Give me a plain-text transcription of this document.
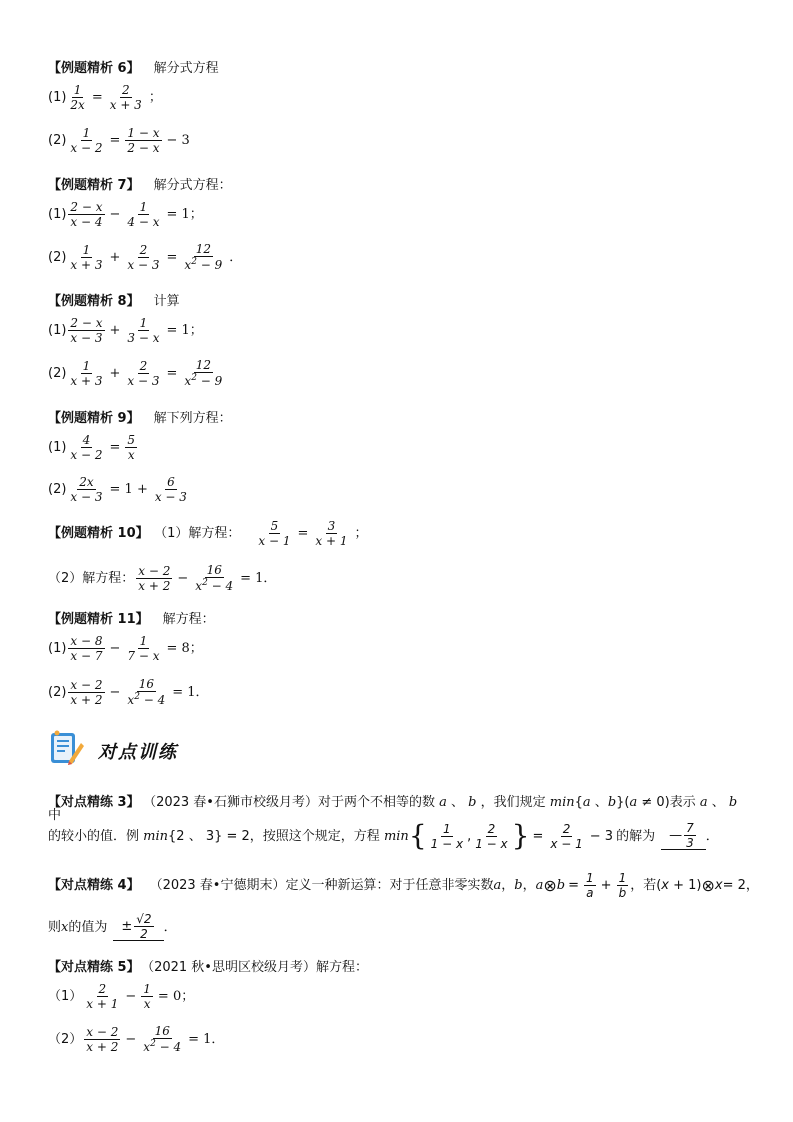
【例题精析 6】 解分式方程
$(1) \frac{1}{2x} = \frac{2}{x + 3}$ ；
$(2) \frac{1}{x - 2} = \frac{1 - x}{2 - x} - 3$
【例题精析 7】 解分式方程：
$(1) \frac{2 - x}{x - 4} - \frac{1}{4 - x} = 1$；
$(2) \frac{1}{x + 3} + \frac{2}{x - 3} = \frac{12}{x^2 - 9}$ ．
【例题精析 8】 计算
$(1) \frac{2 - x}{x - 3} + \frac{1}{3 - x} = 1$；
$(2) \frac{1}{x + 3} + \frac{2}{x - 3} = \frac{12}{x^2 - 9}$
【例题精析 9】 解下列方程：
$(1) \frac{4}{x - 2} = \frac{5}{x}$
$(2) \frac{2x}{x - 3} = 1 + \frac{6}{x - 3}$
【例题精析 10】 （1）解方程： $\frac{5}{x - 1} = \frac{3}{x + 1}$ ；
（2）解方程： $\frac{x - 2}{x + 2} - \frac{16}{x^2 - 4} = 1$．
【例题精析 11】 解方程：
$(1) \frac{x - 8}{x - 7} - \frac{1}{7 - x} = 8$；
$(2) \frac{x - 2}{x + 2} - \frac{16}{x^2 - 4} = 1$．
对点训练
【对点精练 3】 （2023 春•石狮市校级月考）对于两个不相等的数 a 、 b ，我们规定 min{a 、b}(a ≠ 0)表示 a 、 b 中
的较小的值．例 min {2 、 3} = 2 ，按照这个规定，方程 min { $\frac{1}{1 - x}$ , $\frac{2}{1 - x}$ } = $\frac{2}{x - 1} - 3$ 的解为	— $\frac{7}{3}$ ．
【对点精练 4】 （2023 春•宁德期末） 定义一种新运算：对于任意非零实数 a ， b ， a ⊗ $b = \frac{1}{a} + \frac{1}{b}$ ，若 (x + 1) ⊗ x = 2，
则 x 的值为	± $\frac{√2}{2}$ ．
【对点精练 5】 （2021 秋•思明区校级月考）解方程：
$(1) \frac{2}{x + 1} - \frac{1}{x} = 0$；
$(2) \frac{x - 2}{x + 2} - \frac{16}{x^2 - 4} = 1$．
